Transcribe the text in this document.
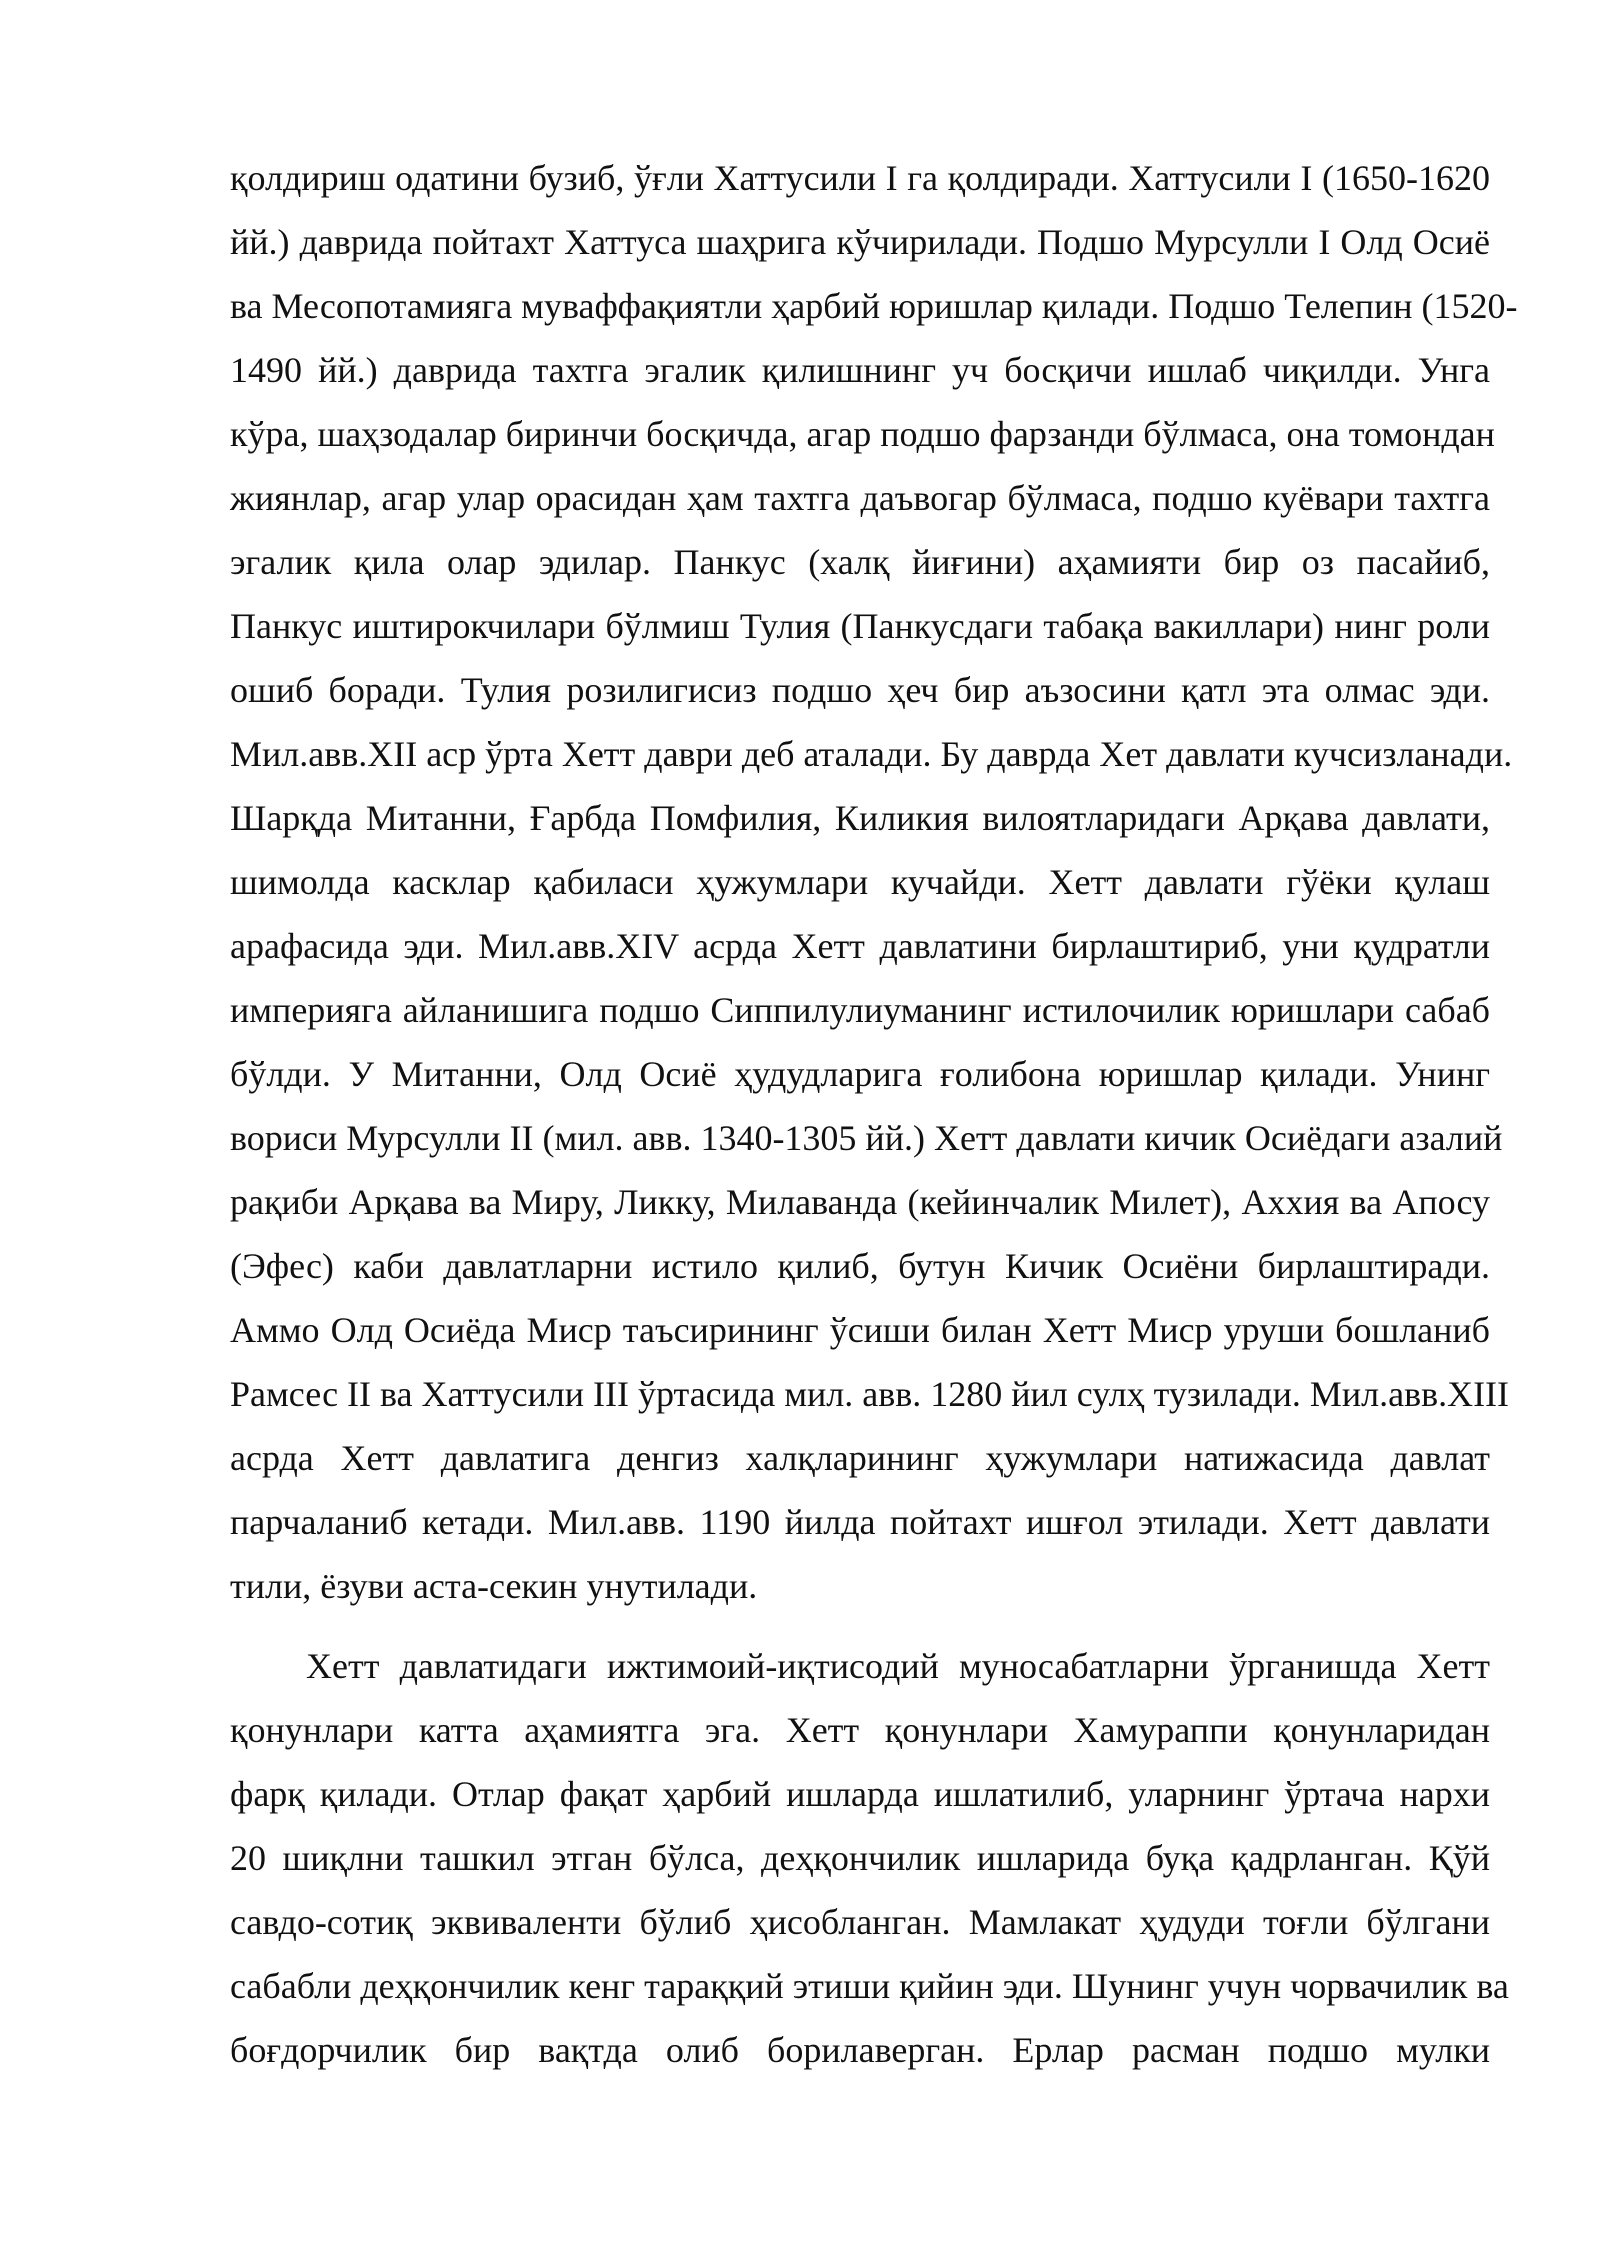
қолдириш одатини бузиб, ўғли Хаттусили I га қолдиради. Хаттусили I (1650-1620
йй.) даврида пойтахт Хаттуса шаҳрига кўчирилади. Подшо Мурсулли I Олд Осиё
ва Месопотамияга муваффақиятли ҳарбий юришлар қилади. Подшо Телепин (1520-
1490 йй.) даврида тахтга эгалик қилишнинг уч босқичи ишлаб чиқилди. Унга
кўра, шаҳзодалар биринчи босқичда, агар подшо фарзанди бўлмаса, она томондан
жиянлар, агар улар орасидан ҳам тахтга даъвогар бўлмаса, подшо куёвари тахтга
эгалик қила олар эдилар. Панкус (халқ йиғини) аҳамияти бир оз пасайиб,
Панкус иштирокчилари бўлмиш Тулия (Панкусдаги табақа вакиллари) нинг роли
ошиб боради. Тулия розилигисиз подшо ҳеч бир аъзосини қатл эта олмас эди.
Мил.авв.XII аср ўрта Хетт даври деб аталади. Бу даврда Хет давлати кучсизланади.
Шарқда Митанни, Ғарбда Помфилия, Киликия вилоятларидаги Арқава давлати,
шимолда касклар қабиласи ҳужумлари кучайди. Хетт давлати гўёки қулаш
арафасида эди. Мил.авв.XIV асрда Хетт давлатини бирлаштириб, уни қудратли
империяга айланишига подшо Сиппилулиуманинг истилочилик юришлари сабаб
бўлди. У Митанни, Олд Осиё ҳудудларига ғолибона юришлар қилади. Унинг
вориси Мурсулли II (мил. авв. 1340-1305 йй.) Хетт давлати кичик Осиёдаги азалий
рақиби Арқава ва Миру, Ликку, Милаванда (кейинчалик Милет), Аххия ва Апосу
(Эфес) каби давлатларни истило қилиб, бутун Кичик Осиёни бирлаштиради.
Аммо Олд Осиёда Миср таъсирининг ўсиши билан Хетт Миср уруши бошланиб
Рамсес II ва Хаттусили III ўртасида мил. авв. 1280 йил сулҳ тузилади. Мил.авв.XIII
асрда Хетт давлатига денгиз халқларининг ҳужумлари натижасида давлат
парчаланиб кетади. Мил.авв. 1190 йилда пойтахт ишғол этилади. Хетт давлати
тили, ёзуви аста-секин унутилади.
Хетт давлатидаги ижтимоий-иқтисодий муносабатларни ўрганишда Хетт
қонунлари катта аҳамиятга эга. Хетт қонунлари Хамураппи қонунларидан
фарқ қилади. Отлар фақат ҳарбий ишларда ишлатилиб, уларнинг ўртача нархи
20 шиқлни ташкил этган бўлса, деҳқончилик ишларида буқа қадрланган. Қўй
савдо-сотиқ эквиваленти бўлиб ҳисобланган. Мамлакат ҳудуди тоғли бўлгани
сабабли деҳқончилик кенг тараққий этиши қийин эди. Шунинг учун чорвачилик ва
боғдорчилик бир вақтда олиб борилаверган. Ерлар расман подшо мулки
